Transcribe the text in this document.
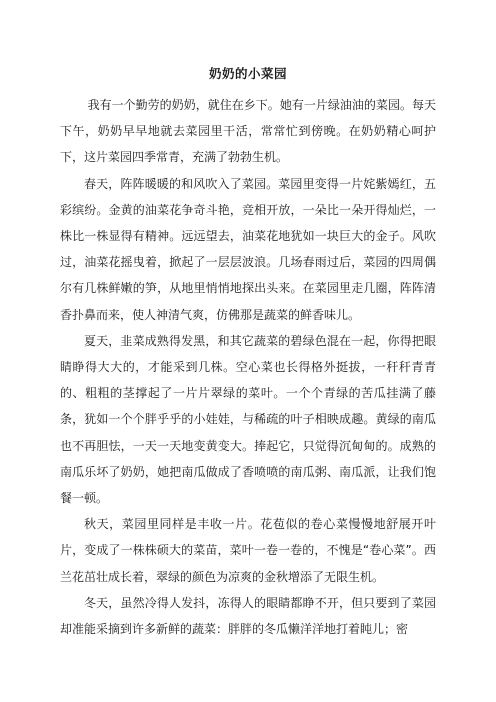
奶奶的小菜园

我有一个勤劳的奶奶，就住在乡下。她有一片绿油油的菜园。每天下午，奶奶早早地就去菜园里干活，常常忙到傍晚。在奶奶精心呵护下，这片菜园四季常青，充满了勃勃生机。

春天，阵阵暖暖的和风吹入了菜园。菜园里变得一片姹紫嫣红，五彩缤纷。金黄的油菜花争奇斗艳，竞相开放，一朵比一朵开得灿烂，一株比一株显得有精神。远远望去，油菜花地犹如一块巨大的金子。风吹过，油菜花摇曳着，掀起了一层层波浪。几场春雨过后，菜园的四周偶尔有几株鲜嫩的笋，从地里悄悄地探出头来。在菜园里走几圈，阵阵清香扑鼻而来，使人神清气爽，仿佛那是蔬菜的鲜香味儿。

夏天，韭菜成熟得发黑，和其它蔬菜的碧绿色混在一起，你得把眼睛睁得大大的，才能采到几株。空心菜也长得格外挺拔，一秆秆青青的、粗粗的茎撑起了一片片翠绿的菜叶。一个个青绿的苦瓜挂满了藤条，犹如一个个胖乎乎的小娃娃，与稀疏的叶子相映成趣。黄绿的南瓜也不再胆怯，一天一天地变黄变大。捧起它，只觉得沉甸甸的。成熟的南瓜乐坏了奶奶，她把南瓜做成了香喷喷的南瓜粥、南瓜派，让我们饱餐一顿。

秋天，菜园里同样是丰收一片。花苞似的卷心菜慢慢地舒展开叶片，变成了一株株硕大的菜苗，菜叶一卷一卷的，不愧是“卷心菜”。西兰花茁壮成长着，翠绿的颜色为凉爽的金秋增添了无限生机。

冬天，虽然冷得人发抖，冻得人的眼睛都睁不开，但只要到了菜园却准能采摘到许多新鲜的蔬菜：胖胖的冬瓜懒洋洋地打着盹儿；密
